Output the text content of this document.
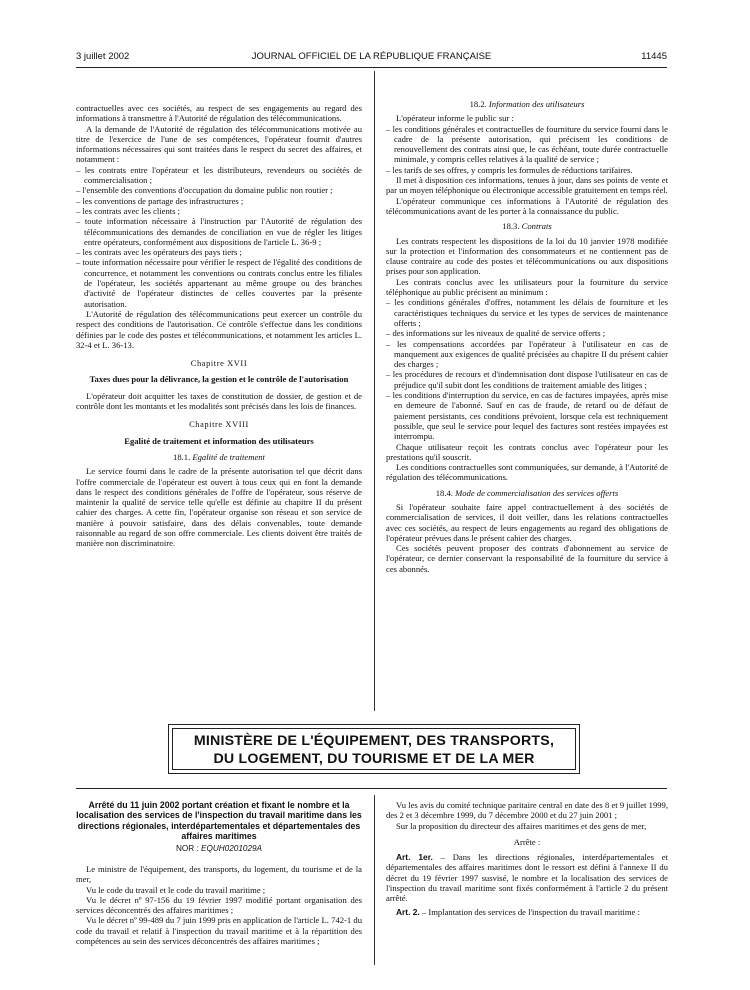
3 juillet 2002	JOURNAL OFFICIEL DE LA RÉPUBLIQUE FRANÇAISE	11445

contractuelles avec ces sociétés, au respect de ses engagements au regard des informations à transmettre à l'Autorité de régulation des télécommunications.

A la demande de l'Autorité de régulation des télécommunications motivée au titre de l'exercice de l'une de ses compétences, l'opérateur fournit d'autres informations nécessaires qui sont traitées dans le respect du secret des affaires, et notamment :

– les contrats entre l'opérateur et les distributeurs, revendeurs ou sociétés de commercialisation ;
– l'ensemble des conventions d'occupation du domaine public non routier ;
– les conventions de partage des infrastructures ;
– les contrats avec les clients ;
– toute information nécessaire à l'instruction par l'Autorité de régulation des télécommunications des demandes de conciliation en vue de régler les litiges entre opérateurs, conformément aux dispositions de l'article L. 36-9 ;
– les contrats avec les opérateurs des pays tiers ;
– toute information nécessaire pour vérifier le respect de l'égalité des conditions de concurrence, et notamment les conventions ou contrats conclus entre les filiales de l'opérateur, les sociétés appartenant au même groupe ou des branches d'activité de l'opérateur distinctes de celles couvertes par la présente autorisation.

L'Autorité de régulation des télécommunications peut exercer un contrôle du respect des conditions de l'autorisation. Ce contrôle s'effectue dans les conditions définies par le code des postes et télécommunications, et notamment les articles L. 32-4 et L. 36-13.

Chapitre XVII
Taxes dues pour la délivrance, la gestion et le contrôle de l'autorisation

L'opérateur doit acquitter les taxes de constitution de dossier, de gestion et de contrôle dont les montants et les modalités sont précisés dans les lois de finances.

Chapitre XVIII
Egalité de traitement et information des utilisateurs
18.1. Egalité de traitement

Le service fourni dans le cadre de la présente autorisation tel que décrit dans l'offre commerciale de l'opérateur est ouvert à tous ceux qui en font la demande dans le respect des conditions générales de l'offre de l'opérateur, sous réserve de maintenir la qualité de service telle qu'elle est définie au chapitre II du présent cahier des charges. A cette fin, l'opérateur organise son réseau et son service de manière à pouvoir satisfaire, dans des délais convenables, toute demande raisonnable au regard de son offre commerciale. Les clients doivent être traités de manière non discriminatoire.

18.2. Information des utilisateurs

L'opérateur informe le public sur :

– les conditions générales et contractuelles de fourniture du service fourni dans le cadre de la présente autorisation, qui précisent les conditions de renouvellement des contrats ainsi que, le cas échéant, toute durée contractuelle minimale, y compris celles relatives à la qualité de service ;
– les tarifs de ses offres, y compris les formules de réductions tarifaires.

Il met à disposition ces informations, tenues à jour, dans ses points de vente et par un moyen téléphonique ou électronique accessible gratuitement en temps réel.

L'opérateur communique ces informations à l'Autorité de régulation des télécommunications avant de les porter à la connaissance du public.

18.3. Contrats

Les contrats respectent les dispositions de la loi du 10 janvier 1978 modifiée sur la protection et l'information des consommateurs et ne contiennent pas de clause contraire au code des postes et télécommunications ou aux dispositions prises pour son application.

Les contrats conclus avec les utilisateurs pour la fourniture du service téléphonique au public précisent au minimum :

– les conditions générales d'offres, notamment les délais de fourniture et les caractéristiques techniques du service et les types de services de maintenance offerts ;
– des informations sur les niveaux de qualité de service offerts ;
– les compensations accordées par l'opérateur à l'utilisateur en cas de manquement aux exigences de qualité précisées au chapitre II du présent cahier des charges ;
– les procédures de recours et d'indemnisation dont dispose l'utilisateur en cas de préjudice qu'il subit dont les conditions de traitement amiable des litiges ;
– les conditions d'interruption du service, en cas de factures impayées, après mise en demeure de l'abonné. Sauf en cas de fraude, de retard ou de défaut de paiement persistants, ces conditions prévoient, lorsque cela est techniquement possible, que seul le service pour lequel des factures sont restées impayées est interrompu.

Chaque utilisateur reçoit les contrats conclus avec l'opérateur pour les prestations qu'il souscrit.

Les conditions contractuelles sont communiquées, sur demande, à l'Autorité de régulation des télécommunications.

18.4. Mode de commercialisation des services offerts

Si l'opérateur souhaite faire appel contractuellement à des sociétés de commercialisation de services, il doit veiller, dans les relations contractuelles avec ces sociétés, au respect de leurs engagements au regard des obligations de l'opérateur prévues dans le présent cahier des charges.

Ces sociétés peuvent proposer des contrats d'abonnement au service de l'opérateur, ce dernier conservant la responsabilité de la fourniture du service à ces abonnés.

MINISTÈRE DE L'ÉQUIPEMENT, DES TRANSPORTS,
DU LOGEMENT, DU TOURISME ET DE LA MER
Arrêté du 11 juin 2002 portant création et fixant le nombre et la localisation des services de l'inspection du travail maritime dans les directions régionales, interdépartementales et départementales des affaires maritimes
NOR : EQUH0201029A

Le ministre de l'équipement, des transports, du logement, du tourisme et de la mer,

Vu le code du travail et le code du travail maritime ;

Vu le décret nº 97-156 du 19 février 1997 modifié portant organisation des services déconcentrés des affaires maritimes ;

Vu le décret nº 99-489 du 7 juin 1999 pris en application de l'article L. 742-1 du code du travail et relatif à l'inspection du travail maritime et à la répartition des compétences au sein des services déconcentrés des affaires maritimes ;

Vu les avis du comité technique paritaire central en date des 8 et 9 juillet 1999, des 2 et 3 décembre 1999, du 7 décembre 2000 et du 27 juin 2001 ;

Sur la proposition du directeur des affaires maritimes et des gens de mer,

Arrête :

Art. 1er. – Dans les directions régionales, interdépartementales et départementales des affaires maritimes dont le ressort est défini à l'annexe II du décret du 19 février 1997 susvisé, le nombre et la localisation des services de l'inspection du travail maritime sont fixés conformément à l'article 2 du présent arrêté.

Art. 2. – Implantation des services de l'inspection du travail maritime :
